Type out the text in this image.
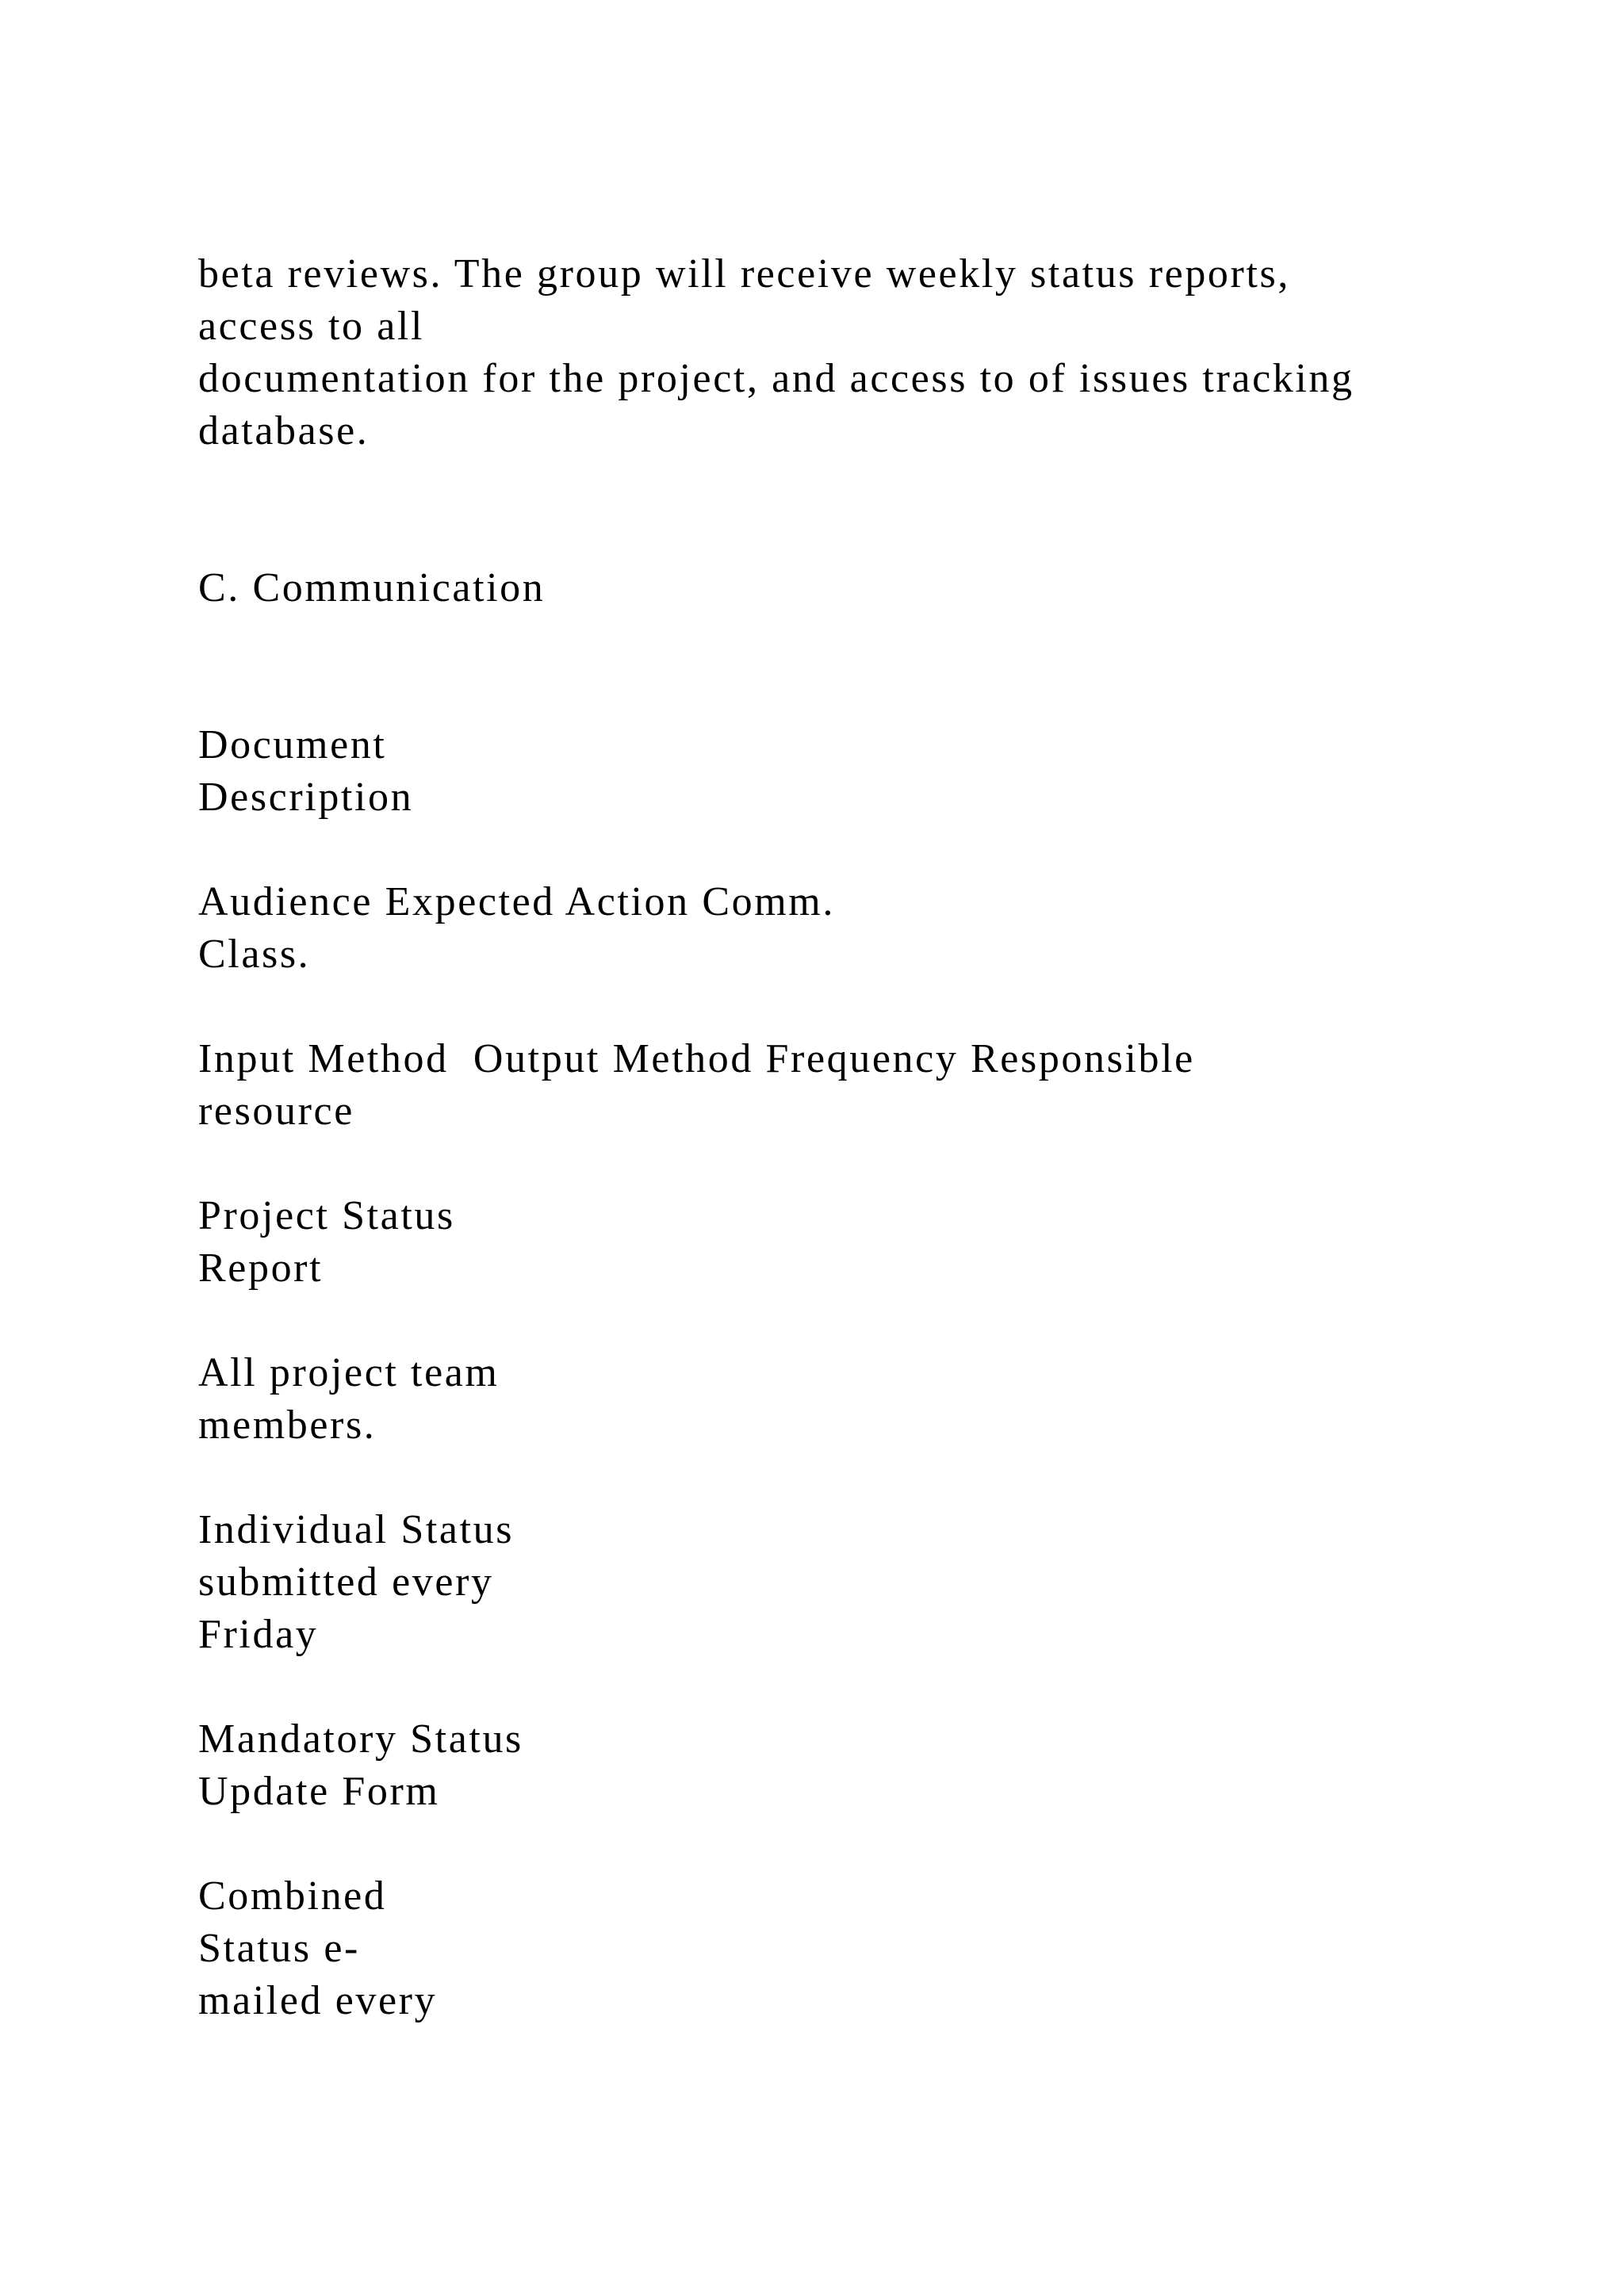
beta reviews. The group will receive weekly status reports,

access to all

documentation for the project, and access to of issues tracking

database.

C. Communication

Document

Description

Audience Expected Action Comm.

Class.

Input Method  Output Method Frequency Responsible

resource

Project Status

Report

All project team

members.

Individual Status

submitted every

Friday

Mandatory Status

Update Form

Combined

Status e-

mailed every
